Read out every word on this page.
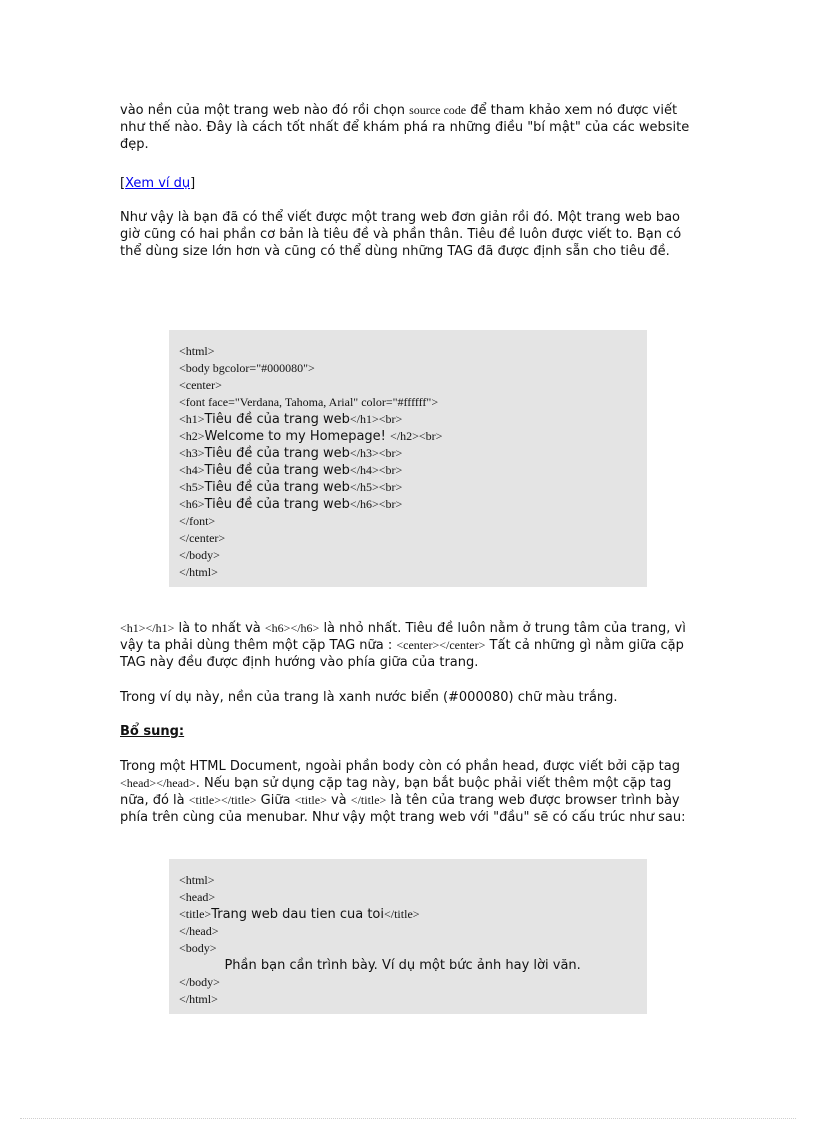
vào nền của một trang web nào đó rồi chọn source code để tham khảo xem nó được viết như thế nào. Đây là cách tốt nhất để khám phá ra những điều "bí mật" của các website đẹp.

[Xem ví dụ]

Như vậy là bạn đã có thể viết được một trang web đơn giản rồi đó. Một trang web bao giờ cũng có hai phần cơ bản là tiêu đề và phần thân. Tiêu đề luôn được viết to. Bạn có thể dùng size lớn hơn và cũng có thể dùng những TAG đã được định sẵn cho tiêu đề.

<html>
<body bgcolor="#000080">
<center>
<font face="Verdana, Tahoma, Arial" color="#ffffff">
<h1>Tiêu đề của trang web</h1><br>
<h2>Welcome to my Homepage! </h2><br>
<h3>Tiêu đề của trang web</h3><br>
<h4>Tiêu đề của trang web</h4><br>
<h5>Tiêu đề của trang web</h5><br>
<h6>Tiêu đề của trang web</h6><br>
</font>
</center>
</body>
</html>

<h1></h1> là to nhất và <h6></h6> là nhỏ nhất. Tiêu đề luôn nằm ở trung tâm của trang, vì vậy ta phải dùng thêm một cặp TAG nữa : <center></center> Tất cả những gì nằm giữa cặp TAG này đều được định hướng vào phía giữa của trang.

Trong ví dụ này, nền của trang là xanh nước biển (#000080) chữ màu trắng.

Bổ sung:

Trong một HTML Document, ngoài phần body còn có phần head, được viết bởi cặp tag <head></head>. Nếu bạn sử dụng cặp tag này, bạn bắt buộc phải viết thêm một cặp tag nữa, đó là <title></title> Giữa <title> và </title> là tên của trang web được browser trình bày phía trên cùng của menubar. Như vậy một trang web với "đầu" sẽ có cấu trúc như sau:

<html>
<head>
<title>Trang web dau tien cua toi</title>
</head>
<body>
Phần bạn cần trình bày. Ví dụ một bức ảnh hay lời văn.
</body>
</html>
